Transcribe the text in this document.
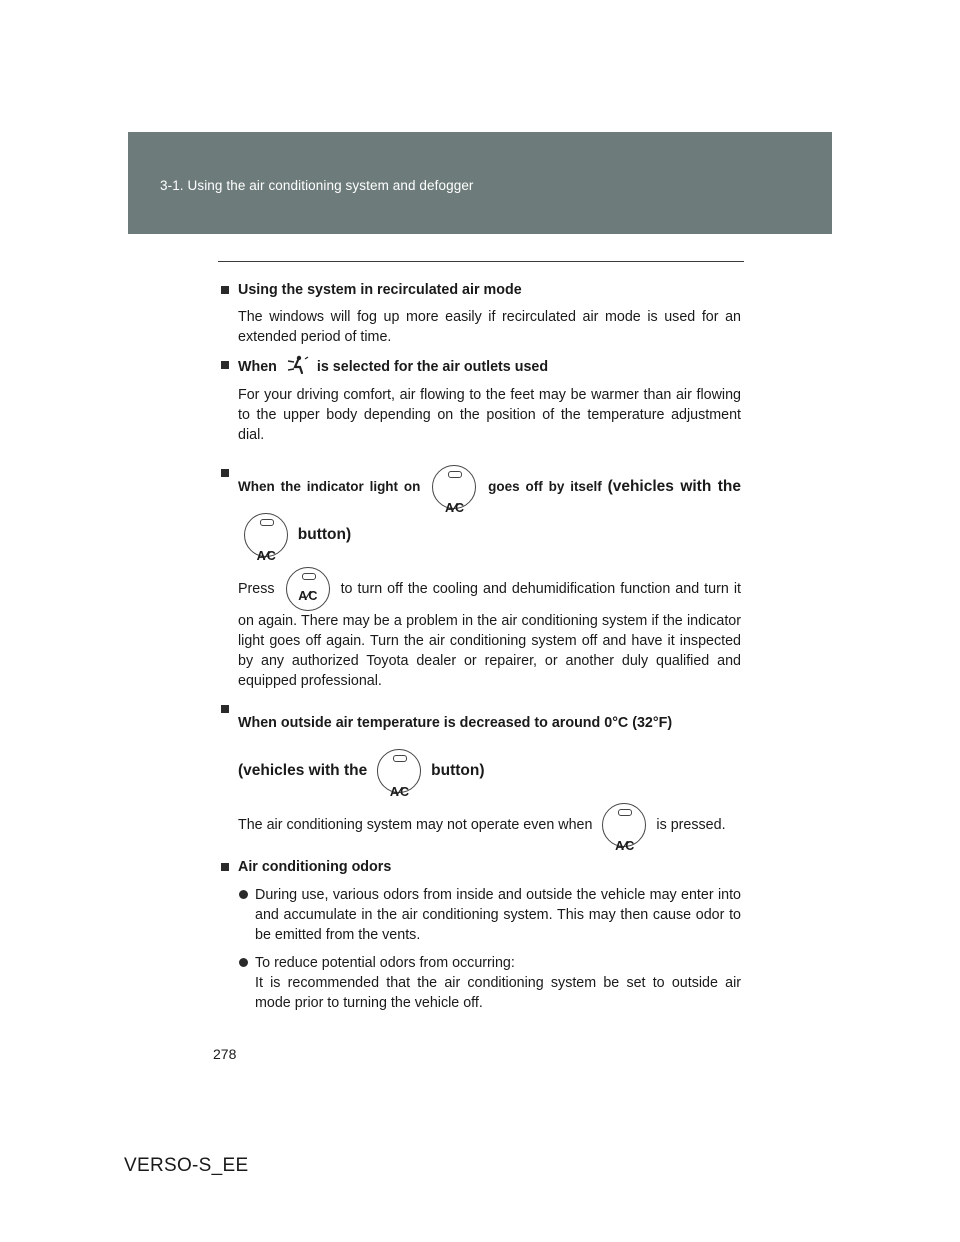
3-1. Using the air conditioning system and defogger

Using the system in recirculated air mode

The windows will fog up more easily if recirculated air mode is used for an extended period of time.

When	is selected for the air outlets used

For your driving comfort, air flowing to the feet may be warmer than air flowing to the upper body depending on the position of the temperature adjustment dial.

When the indicator light on
A⁄C
goes off by itself (vehicles with the
A⁄C
button)

Press	A⁄C	to turn off the cooling and dehumidification function and turn it on again. There may be a problem in the air conditioning system if the indicator light goes off again. Turn the air conditioning system off and have it inspected by any authorized Toyota dealer or repairer, or another duly qualified and equipped professional.

When outside air temperature is decreased to around 0°C (32°F) (vehicles with the
A⁄C
button)

The air conditioning system may not operate even when
A⁄C
is pressed.

Air conditioning odors

During use, various odors from inside and outside the vehicle may enter into and accumulate in the air conditioning system. This may then cause odor to be emitted from the vents.

To reduce potential odors from occurring:
It is recommended that the air conditioning system be set to outside air mode prior to turning the vehicle off.

278
VERSO-S_EE
